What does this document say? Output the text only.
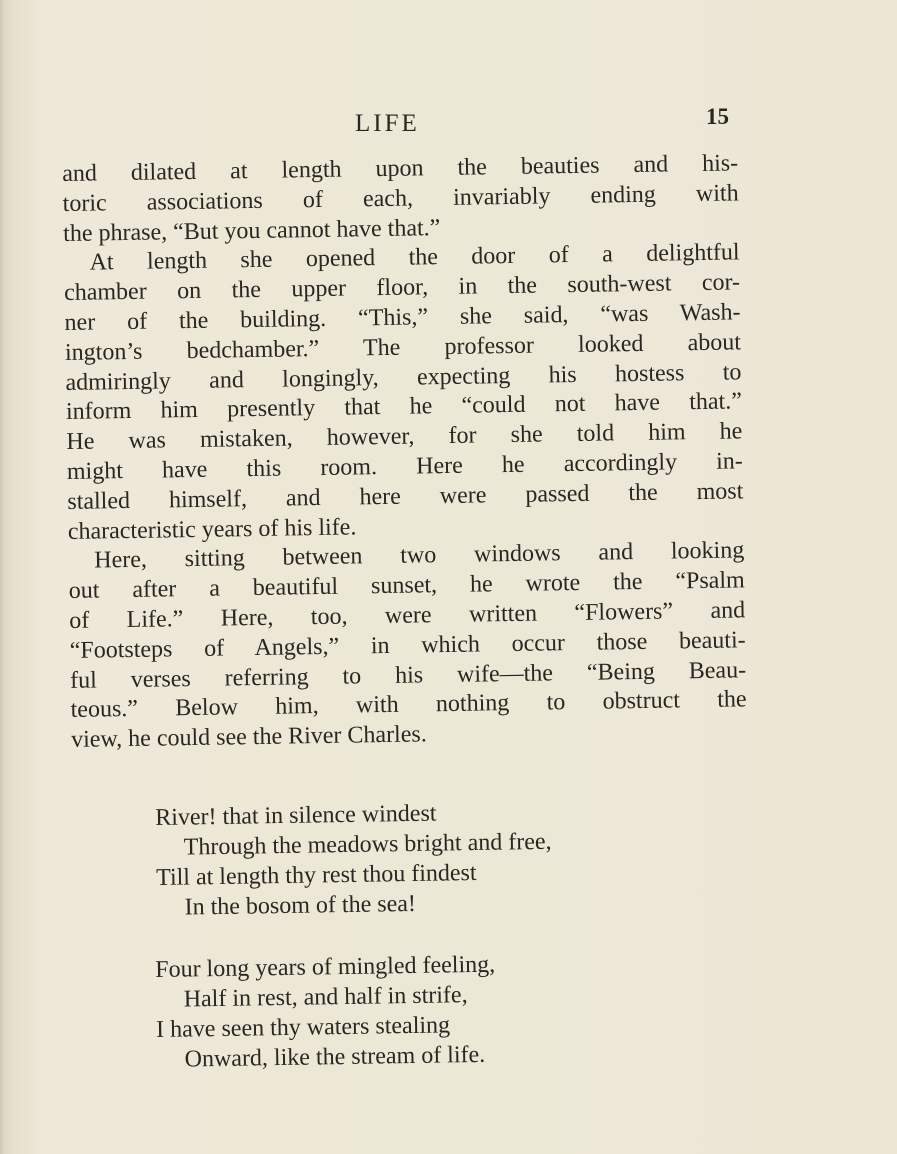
LIFE	15
and dilated at length upon the beauties and his-
toric associations of each, invariably ending with
the phrase, “But you cannot have that.”
At length she opened the door of a delightful
chamber on the upper floor, in the south-west cor-
ner of the building. “This,” she said, “was Wash-
ington’s bedchamber.” The professor looked about
admiringly and longingly, expecting his hostess to
inform him presently that he “could not have that.”
He was mistaken, however, for she told him he
might have this room. Here he accordingly in-
stalled himself, and here were passed the most
characteristic years of his life.
Here, sitting between two windows and looking
out after a beautiful sunset, he wrote the “Psalm
of Life.” Here, too, were written “Flowers” and
“Footsteps of Angels,” in which occur those beauti-
ful verses referring to his wife—the “Being Beau-
teous.” Below him, with nothing to obstruct the
view, he could see the River Charles.
River! that in silence windest
Through the meadows bright and free,
Till at length thy rest thou findest
In the bosom of the sea!
Four long years of mingled feeling,
Half in rest, and half in strife,
I have seen thy waters stealing
Onward, like the stream of life.
